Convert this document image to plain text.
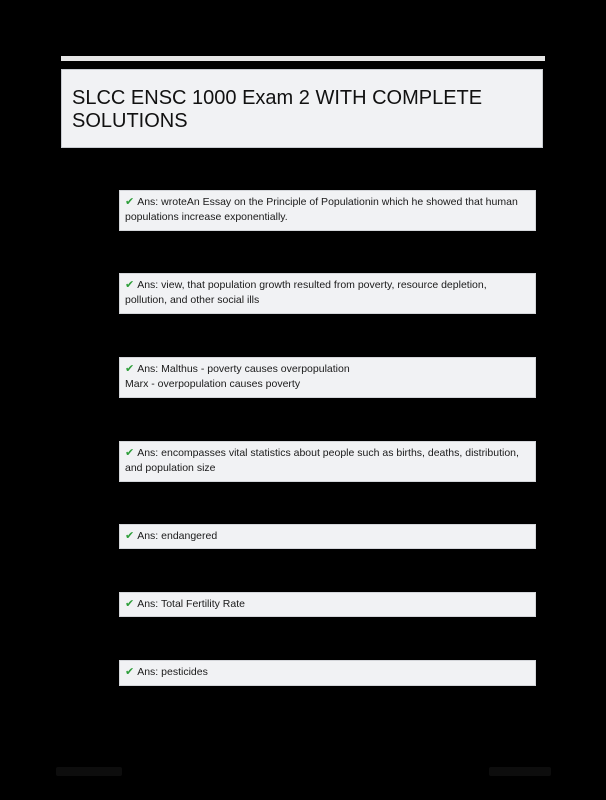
SLCC ENSC 1000 Exam 2 WITH COMPLETE SOLUTIONS
✔ Ans: wroteAn Essay on the Principle of Populationin which he showed that human
populations increase exponentially.
✔ Ans: view, that population growth resulted from poverty, resource depletion,
pollution, and other social ills
✔ Ans: Malthus - poverty causes overpopulation
Marx - overpopulation causes poverty
✔ Ans: encompasses vital statistics about people such as births, deaths, distribution,
and population size
✔ Ans: endangered
✔ Ans: Total Fertility Rate
✔ Ans: pesticides
